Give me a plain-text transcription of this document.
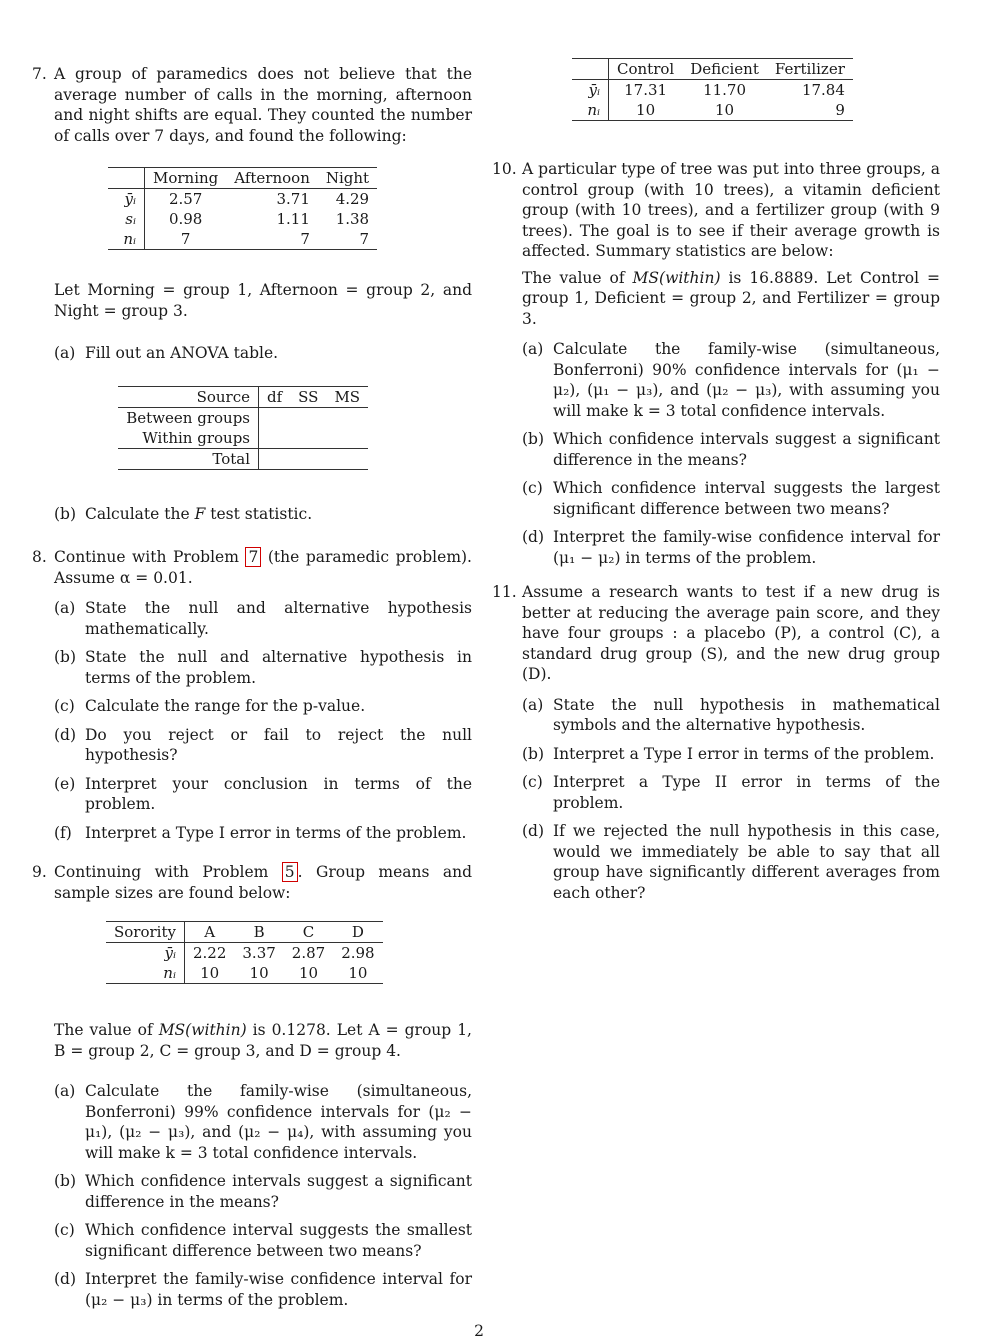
7. A group of paramedics does not believe that the average number of calls in the morning, afternoon and night shifts are equal. They counted the number of calls over 7 days, and found the following:
	Morning	Afternoon	Night
ȳᵢ	2.57	3.71	4.29
sᵢ	0.98	1.11	1.38
nᵢ	7	7	7
Let Morning = group 1, Afternoon = group 2, and Night = group 3.
(a) Fill out an ANOVA table.
Source	df	SS	MS
Between groups			
Within groups			
Total			
(b) Calculate the F test statistic.
8. Continue with Problem 7 (the paramedic problem). Assume α = 0.01.
(a) State the null and alternative hypothesis mathematically.
(b) State the null and alternative hypothesis in terms of the problem.
(c) Calculate the range for the p-value.
(d) Do you reject or fail to reject the null hypothesis?
(e) Interpret your conclusion in terms of the problem.
(f) Interpret a Type I error in terms of the problem.
9. Continuing with Problem 5 . Group means and sample sizes are found below:
Sorority	A	B	C	D
ȳᵢ	2.22	3.37	2.87	2.98
nᵢ	10	10	10	10
The value of MS(within) is 0.1278. Let A = group 1, B = group 2, C = group 3, and D = group 4.
(a) Calculate the family-wise (simultaneous, Bonferroni) 99% confidence intervals for (μ₂ − μ₁), (μ₂ − μ₃), and (μ₂ − μ₄), with assuming you will make k = 3 total confidence intervals.
(b) Which confidence intervals suggest a significant difference in the means?
(c) Which confidence interval suggests the smallest significant difference between two means?
(d) Interpret the family-wise confidence interval for (μ₂ − μ₃) in terms of the problem.
	Control	Deficient	Fertilizer
ȳᵢ	17.31	11.70	17.84
nᵢ	10	10	9
10. A particular type of tree was put into three groups, a control group (with 10 trees), a vitamin deficient group (with 10 trees), and a fertilizer group (with 9 trees). The goal is to see if their average growth is affected. Summary statistics are below:
The value of MS(within) is 16.8889. Let Control = group 1, Deficient = group 2, and Fertilizer = group 3.
(a) Calculate the family-wise (simultaneous, Bonferroni) 90% confidence intervals for (μ₁ − μ₂), (μ₁ − μ₃), and (μ₂ − μ₃), with assuming you will make k = 3 total confidence intervals.
(b) Which confidence intervals suggest a significant difference in the means?
(c) Which confidence interval suggests the largest significant difference between two means?
(d) Interpret the family-wise confidence interval for (μ₁ − μ₂) in terms of the problem.
11. Assume a research wants to test if a new drug is better at reducing the average pain score, and they have four groups : a placebo (P), a control (C), a standard drug group (S), and the new drug group (D).
(a) State the null hypothesis in mathematical symbols and the alternative hypothesis.
(b) Interpret a Type I error in terms of the problem.
(c) Interpret a Type II error in terms of the problem.
(d) If we rejected the null hypothesis in this case, would we immediately be able to say that all group have significantly different averages from each other?
2
